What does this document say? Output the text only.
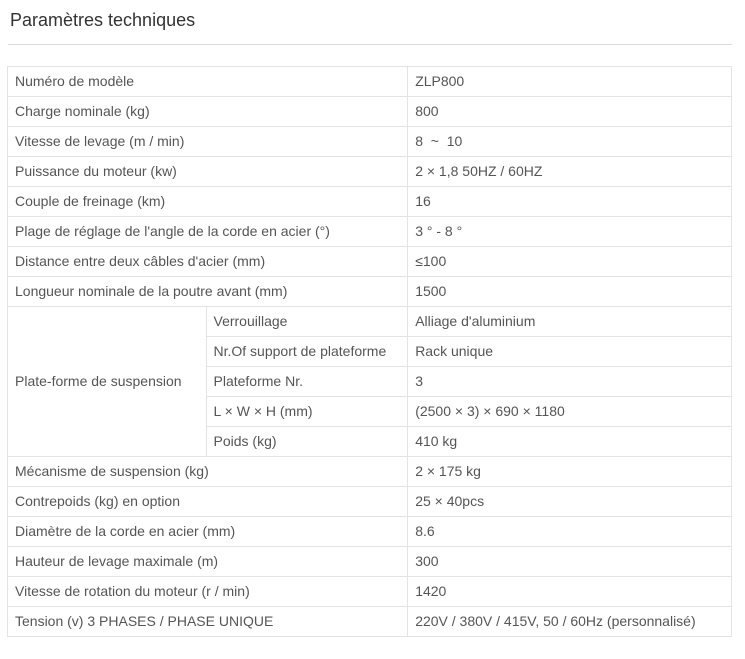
Paramètres techniques
Numéro de modèle		ZLP800
Charge nominale (kg)		800
Vitesse de levage (m / min)		8  ~  10
Puissance du moteur (kw)		2 × 1,8 50HZ / 60HZ
Couple de freinage (km)		16
Plage de réglage de l'angle de la corde en acier (°)		3 ° - 8 °
Distance entre deux câbles d'acier (mm)		≤100
Longueur nominale de la poutre avant (mm)		1500
Plate-forme de suspension	Verrouillage	Alliage d'aluminium
	Nr.Of support de plateforme	Rack unique
	Plateforme Nr.	3
	L × W × H (mm)	(2500 × 3) × 690 × 1180
	Poids (kg)	410 kg
Mécanisme de suspension (kg)		2 × 175 kg
Contrepoids (kg) en option		25 × 40pcs
Diamètre de la corde en acier (mm)		8.6
Hauteur de levage maximale (m)		300
Vitesse de rotation du moteur (r / min)		1420
Tension (v) 3 PHASES / PHASE UNIQUE		220V / 380V / 415V, 50 / 60Hz (personnalisé)
